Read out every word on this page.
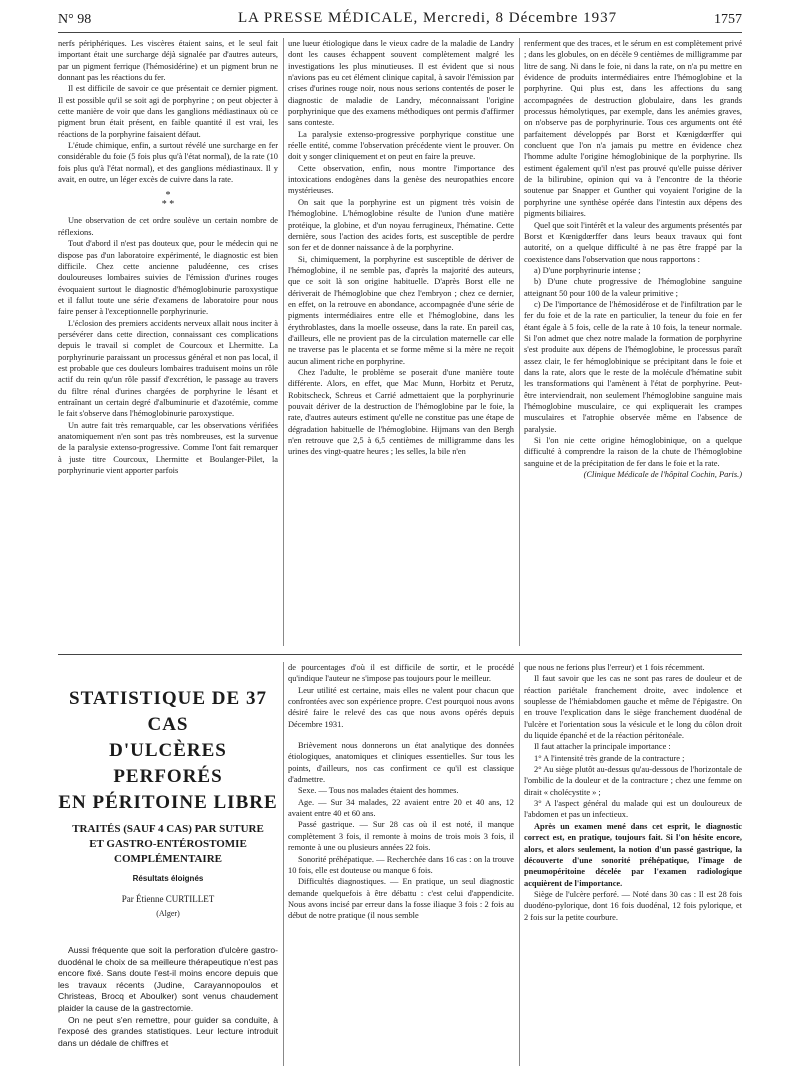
N° 98	LA PRESSE MÉDICALE, Mercredi, 8 Décembre 1937	1757

nerfs périphériques. Les viscères étaient sains, et le seul fait important était une surcharge déjà signalée par d'autres auteurs, par un pigment ferrique (l'hémosidérine) et un pigment brun ne donnant pas les réactions du fer.

Il est difficile de savoir ce que présentait ce dernier pigment. Il est possible qu'il se soit agi de porphyrine ; on peut objecter à cette manière de voir que dans les ganglions médiastinaux où ce pigment brun était présent, en faible quantité il est vrai, les réactions de la porphyrine faisaient défaut.

L'étude chimique, enfin, a surtout révélé une surcharge en fer considérable du foie (5 fois plus qu'à l'état normal), de la rate (10 fois plus qu'à l'état normal), et des ganglions médiastinaux. Il y avait, en outre, un léger excès de cuivre dans la rate.

*
* *

Une observation de cet ordre soulève un certain nombre de réflexions.

Tout d'abord il n'est pas douteux que, pour le médecin qui ne dispose pas d'un laboratoire expérimenté, le diagnostic est bien difficile. Chez cette ancienne paludéenne, ces crises douloureuses lombaires suivies de l'émission d'urines rouges évoquaient surtout le diagnostic d'hémoglobinurie paroxystique et il fallut toute une série d'examens de laboratoire pour nous faire penser à l'exceptionnelle porphyrinurie.

L'éclosion des premiers accidents nerveux allait nous inciter à persévérer dans cette direction, connaissant ces complications depuis le travail si complet de Courcoux et Lhermitte. La porphyrinurie paraissant un processus général et non pas local, il est probable que ces douleurs lombaires traduisent moins un rôle actif du rein qu'un rôle passif d'excrétion, le passage au travers du filtre rénal d'urines chargées de porphyrine le lésant et entraînant un certain degré d'albuminurie et d'azotémie, comme le fait s'observe dans l'hémoglobinurie paroxystique.

Un autre fait très remarquable, car les observations vérifiées anatomiquement n'en sont pas très nombreuses, est la survenue de la paralysie extenso-progressive. Comme l'ont fait remarquer à juste titre Courcoux, Lhermitte et Boulanger-Pilet, la porphyrinurie vient apporter parfois

une lueur étiologique dans le vieux cadre de la maladie de Landry dont les causes échappent souvent complètement malgré les investigations les plus minutieuses. Il est évident que si nous n'avions pas eu cet élément clinique capital, à savoir l'émission par crises d'urines rouge noir, nous nous serions contentés de poser le diagnostic de maladie de Landry, méconnaissant l'origine porphyrinique que des examens méthodiques ont permis d'affirmer sans conteste.

La paralysie extenso-progressive porphyrique constitue une réelle entité, comme l'observation précédente vient le prouver. On doit y songer cliniquement et on peut en faire la preuve.

Cette observation, enfin, nous montre l'importance des intoxications endogènes dans la genèse des neuropathies encore mystérieuses.

On sait que la porphyrine est un pigment très voisin de l'hémoglobine. L'hémoglobine résulte de l'union d'une matière protéique, la globine, et d'un noyau ferrugineux, l'hématine. Cette dernière, sous l'action des acides forts, est susceptible de perdre son fer et de donner naissance à de la porphyrine.

Si, chimiquement, la porphyrine est susceptible de dériver de l'hémoglobine, il ne semble pas, d'après la majorité des auteurs, que ce soit là son origine habituelle. D'après Borst elle ne dériverait de l'hémoglobine que chez l'embryon ; chez ce dernier, en effet, on la retrouve en abondance, accompagnée d'une série de pigments intermédiaires entre elle et l'hémoglobine, dans les érythroblastes, dans la moelle osseuse, dans la rate. En pareil cas, d'ailleurs, elle ne provient pas de la circulation maternelle car elle ne traverse pas le placenta et se forme même si la mère ne reçoit aucun aliment riche en porphyrine.

Chez l'adulte, le problème se poserait d'une manière toute différente. Alors, en effet, que Mac Munn, Horbitz et Perutz, Robitscheck, Schreus et Carrié admettaient que la porphyrinurie pouvait dériver de la destruction de l'hémoglobine par le foie, la rate, d'autres auteurs estiment qu'elle ne constitue pas une étape de dégradation habituelle de l'hémoglobine. Hijmans van den Bergh n'en retrouve que 2,5 à 6,5 centièmes de milligramme dans les urines des vingt-quatre heures ; les selles, la bile n'en

renferment que des traces, et le sérum en est complètement privé ; dans les globules, on en décèle 9 centièmes de milligramme par litre de sang. Ni dans le foie, ni dans la rate, on n'a pu mettre en évidence de produits intermédiaires entre l'hémoglobine et la porphyrine. Qui plus est, dans les affections du sang accompagnées de destruction globulaire, dans les grands processus hémolytiques, par exemple, dans les anémies graves, on n'observe pas de porphyrinurie. Tous ces arguments ont été parfaitement développés par Borst et Kœnigdœrffer qui concluent que l'on n'a jamais pu mettre en évidence chez l'homme adulte l'origine hémoglobinique de la porphyrine. Ils estiment également qu'il n'est pas prouvé qu'elle puisse dériver de la bilirubine, opinion qui va à l'encontre de la théorie soutenue par Snapper et Gunther qui voyaient l'origine de la porphyrine une synthèse opérée dans l'intestin aux dépens des pigments biliaires.

Quel que soit l'intérêt et la valeur des arguments présentés par Borst et Kœnigdœrffer dans leurs beaux travaux qui font autorité, on a quelque difficulté à ne pas être frappé par la coexistence dans l'observation que nous rapportons :

a) D'une porphyrinurie intense ;

b) D'une chute progressive de l'hémoglobine sanguine atteignant 50 pour 100 de la valeur primitive ;

c) De l'importance de l'hémosidérose et de l'infiltration par le fer du foie et de la rate en particulier, la teneur du foie en fer étant égale à 5 fois, celle de la rate à 10 fois, la teneur normale. Si l'on admet que chez notre malade la formation de porphyrine s'est produite aux dépens de l'hémoglobine, le processus paraît assez clair, le fer hémoglobinique se précipitant dans le foie et dans la rate, alors que le reste de la molécule d'hématine subit les transformations qui l'amènent à l'état de porphyrine. Peut-être interviendrait, non seulement l'hémoglobine sanguine mais l'hémoglobine musculaire, ce qui expliquerait les crampes musculaires et l'atrophie observée même en l'absence de paralysie.

Si l'on nie cette origine hémoglobinique, on a quelque difficulté à comprendre la raison de la chute de l'hémoglobine sanguine et de la précipitation de fer dans le foie et la rate.

(Clinique Médicale de l'hôpital Cochin, Paris.)

STATISTIQUE DE 37 CAS
D'ULCÈRES PERFORÉS
EN PÉRITOINE LIBRE
TRAITÉS (SAUF 4 CAS) PAR SUTURE
ET GASTRO-ENTÉROSTOMIE
COMPLÉMENTAIRE
Résultats éloignés
Par Étienne CURTILLET
(Alger)

Aussi fréquente que soit la perforation d'ulcère gastro-duodénal le choix de sa meilleure thérapeutique n'est pas encore fixé. Sans doute l'est-il moins encore depuis que les travaux récents (Judine, Carayannopoulos et Christeas, Brocq et Aboulker) sont venus chaudement plaider la cause de la gastrectomie.

On ne peut s'en remettre, pour guider sa conduite, à l'exposé des grandes statistiques. Leur lecture introduit dans un dédale de chiffres et

de pourcentages d'où il est difficile de sortir, et le procédé qu'indique l'auteur ne s'impose pas toujours pour le meilleur.

Leur utilité est certaine, mais elles ne valent pour chacun que confrontées avec son expérience propre. C'est pourquoi nous avons désiré faire le relevé des cas que nous avons opérés depuis Décembre 1931.

Brièvement nous donnerons un état analytique des données étiologiques, anatomiques et cliniques essentielles. Sur tous les points, d'ailleurs, nos cas confirment ce qu'il est classique d'admettre.

Sexe. — Tous nos malades étaient des hommes.

Age. — Sur 34 malades, 22 avaient entre 20 et 40 ans, 12 avaient entre 40 et 60 ans.

Passé gastrique. — Sur 28 cas où il est noté, il manque complètement 3 fois, il remonte à moins de trois mois 3 fois, il remonte à une ou plusieurs années 22 fois.

Sonorité préhépatique. — Recherchée dans 16 cas : on la trouve 10 fois, elle est douteuse ou manque 6 fois.

Difficultés diagnostiques. — En pratique, un seul diagnostic demande quelquefois à être débattu : c'est celui d'appendicite. Nous avons incisé par erreur dans la fosse iliaque 3 fois : 2 fois au début de notre pratique (il nous semble

que nous ne ferions plus l'erreur) et 1 fois récemment.

Il faut savoir que les cas ne sont pas rares de douleur et de réaction pariétale franchement droite, avec indolence et souplesse de l'hémiabdomen gauche et même de l'épigastre. On en trouve l'explication dans le siège franchement duodénal de l'ulcère et l'orientation sous la vésicule et le long du côlon droit du liquide épanché et de la réaction péritonéale.

Il faut attacher la principale importance :

1° A l'intensité très grande de la contracture ;

2° Au siège plutôt au-dessus qu'au-dessous de l'horizontale de l'ombilic de la douleur et de la contracture ; chez une femme on dirait « cholécystite » ;

3° A l'aspect général du malade qui est un douloureux de l'abdomen et pas un infectieux.

Après un examen mené dans cet esprit, le diagnostic correct est, en pratique, toujours fait. Si l'on hésite encore, alors, et alors seulement, la notion d'un passé gastrique, la découverte d'une sonorité préhépatique, l'image de pneumopéritoine décelée par l'examen radiologique acquièrent de l'importance.

Siège de l'ulcère perforé. — Noté dans 30 cas : Il est 28 fois duodéno-pylorique, dont 16 fois duodénal, 12 fois pylorique, et 2 fois sur la petite courbure.
